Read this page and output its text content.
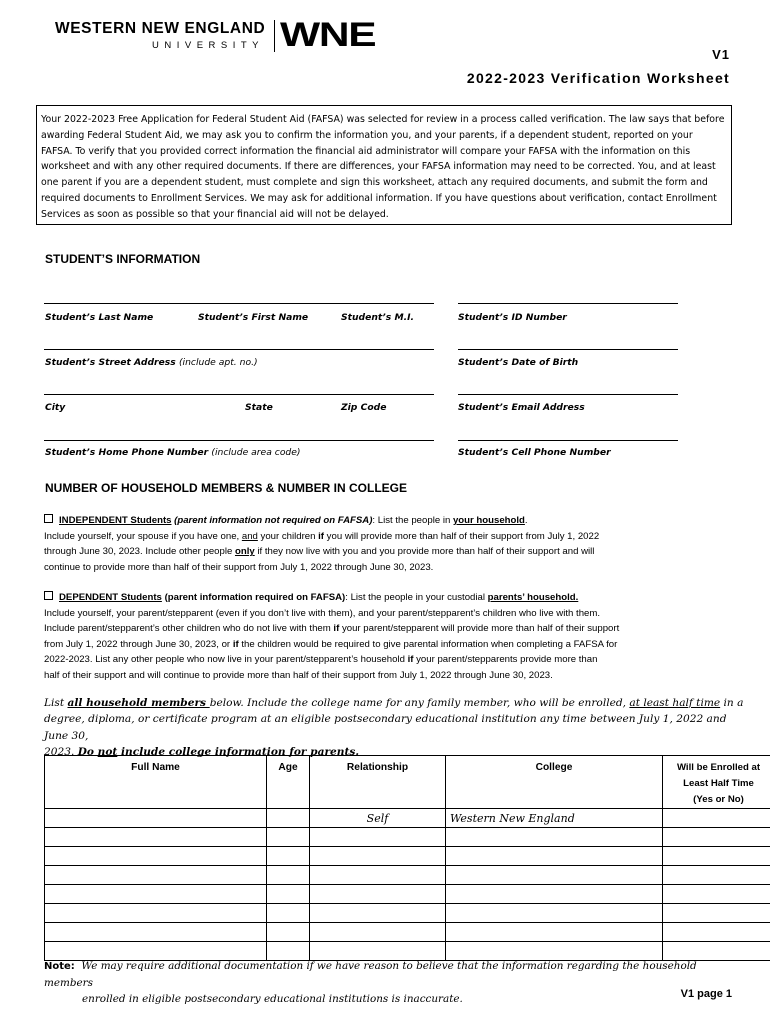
WESTERN NEW ENGLAND
UNIVERSITY WNE
V1
2022-2023 Verification Worksheet
Your 2022-2023 Free Application for Federal Student Aid (FAFSA) was selected for review in a process called verification. The law says that before awarding Federal Student Aid, we may ask you to confirm the information you, and your parents, if a dependent student, reported on your FAFSA. To verify that you provided correct information the financial aid administrator will compare your FAFSA with the information on this worksheet and with any other required documents. If there are differences, your FAFSA information may need to be corrected. You, and at least one parent if you are a dependent student, must complete and sign this worksheet, attach any required documents, and submit the form and required documents to Enrollment Services. We may ask for additional information. If you have questions about verification, contact Enrollment Services as soon as possible so that your financial aid will not be delayed.
STUDENT’S INFORMATION
Student’s Last Name	Student’s First Name	Student’s M.I.	Student’s ID Number
Student’s Street Address (include apt. no.)	Student’s Date of Birth
City	State	Zip Code	Student’s Email Address
Student’s Home Phone Number (include area code)	Student’s Cell Phone Number
NUMBER OF HOUSEHOLD MEMBERS & NUMBER IN COLLEGE
INDEPENDENT Students (parent information not required on FAFSA): List the people in your household.
Include yourself, your spouse if you have one, and your children if you will provide more than half of their support from July 1, 2022
through June 30, 2023. Include other people only if they now live with you and you provide more than half of their support and will
continue to provide more than half of their support from July 1, 2022 through June 30, 2023.
DEPENDENT Students (parent information required on FAFSA): List the people in your custodial parents’ household.
Include yourself, your parent/stepparent (even if you don’t live with them), and your parent/stepparent’s children who live with them.
Include parent/stepparent’s other children who do not live with them if your parent/stepparent will provide more than half of their support
from July 1, 2022 through June 30, 2023, or if the children would be required to give parental information when completing a FAFSA for
2022-2023. List any other people who now live in your parent/stepparent’s household if your parent/stepparents provide more than
half of their support and will continue to provide more than half of their support from July 1, 2022 through June 30, 2023.
List all household members below. Include the college name for any family member, who will be enrolled, at least half time in a
degree, diploma, or certificate program at an eligible postsecondary educational institution any time between July 1, 2022 and June 30,
2023. Do not include college information for parents.
Full Name	Age	Relationship	College	Will be Enrolled at
Least Half Time
(Yes or No)

		Self	Western New England	

Note: We may require additional documentation if we have reason to believe that the information regarding the household members
enrolled in eligible postsecondary educational institutions is inaccurate.	V1 page 1
